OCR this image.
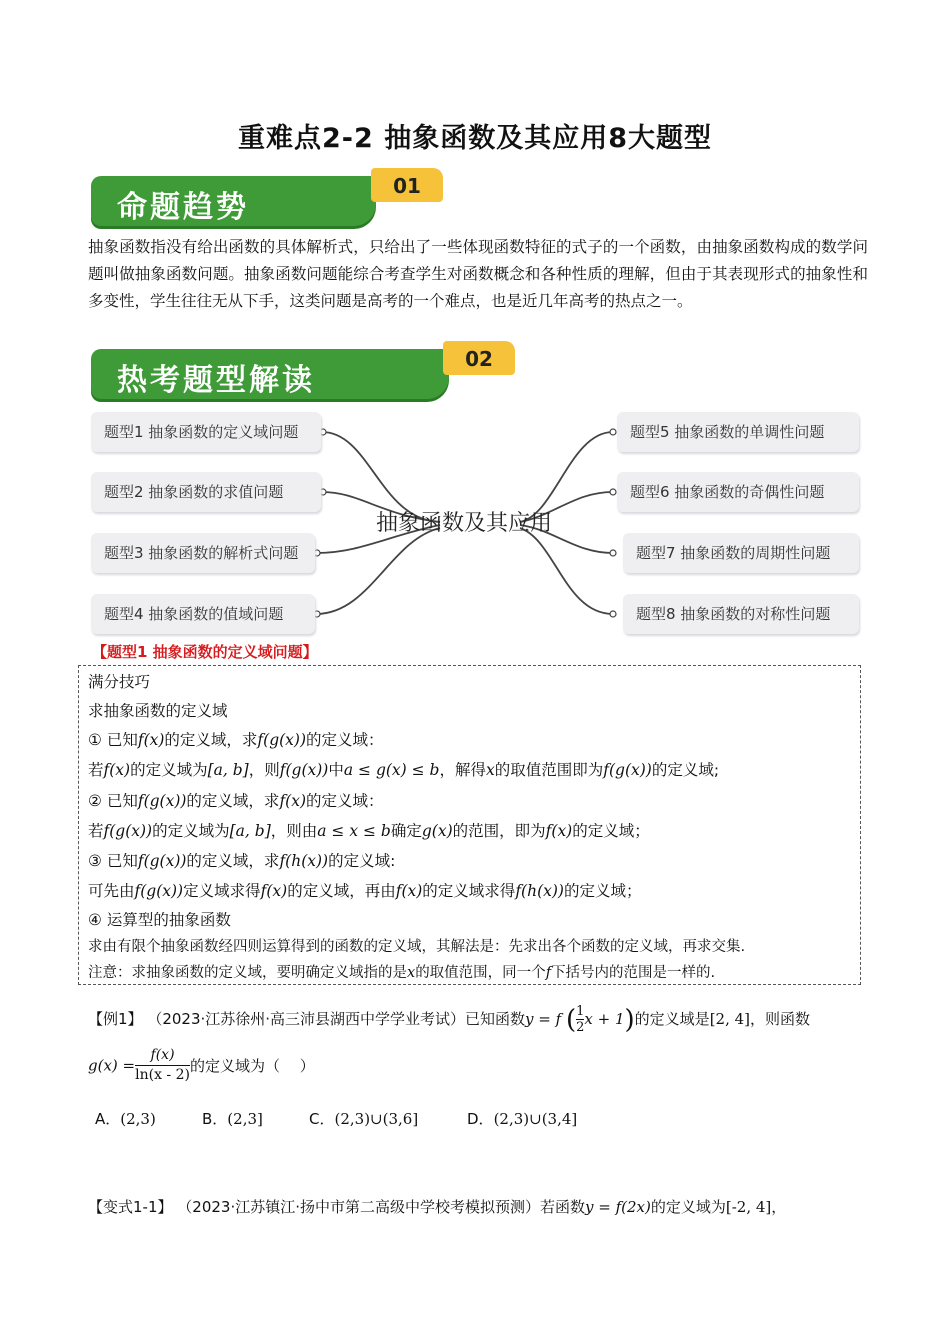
重难点2-2 抽象函数及其应用8大题型
命题趋势
01
抽象函数指没有给出函数的具体解析式，只给出了一些体现函数特征的式子的一个函数，由抽象函数构成的数学问题叫做抽象函数问题。抽象函数问题能综合考查学生对函数概念和各种性质的理解，但由于其表现形式的抽象性和多变性，学生往往无从下手，这类问题是高考的一个难点，也是近几年高考的热点之一。
热考题型解读
02
题型1 抽象函数的定义域问题
题型2 抽象函数的求值问题
题型3 抽象函数的解析式问题
题型4 抽象函数的值域问题
题型5 抽象函数的单调性问题
题型6 抽象函数的奇偶性问题
题型7 抽象函数的周期性问题
题型8 抽象函数的对称性问题
抽象函数及其应用
【题型1 抽象函数的定义域问题】
满分技巧
求抽象函数的定义域
① 已知f(x)的定义域，求f(g(x))的定义域：
若f(x)的定义域为[a, b]，则f(g(x))中a ≤ g(x) ≤ b，解得x的取值范围即为f(g(x))的定义域;
② 已知f(g(x))的定义域，求f(x)的定义域：
若f(g(x))的定义域为[a, b]，则由a ≤ x ≤ b确定g(x)的范围，即为f(x)的定义域；
③ 已知f(g(x))的定义域，求f(h(x))的定义域:
可先由f(g(x))定义域求得f(x)的定义域，再由f(x)的定义域求得f(h(x))的定义域；
④ 运算型的抽象函数
求由有限个抽象函数经四则运算得到的函数的定义域，其解法是：先求出各个函数的定义域，再求交集.
注意：求抽象函数的定义域，要明确定义域指的是x的取值范围，同一个f下括号内的范围是一样的.
【例1】 （2023·江苏徐州·高三沛县湖西中学学业考试）已知函数y = f ( $\frac{1}{2}$ x + 1)的定义域是[2, 4]，则函数
$g(x) = \frac{f(x)}{\ln(x - 2)}$ 的定义域为（　 ）
A．(2,3)	B．(2,3]	C．(2,3)∪(3,6]	D．(2,3)∪(3,4]
【变式1-1】 （2023·江苏镇江·扬中市第二高级中学校考模拟预测）若函数y = f(2x)的定义域为[-2, 4]，
